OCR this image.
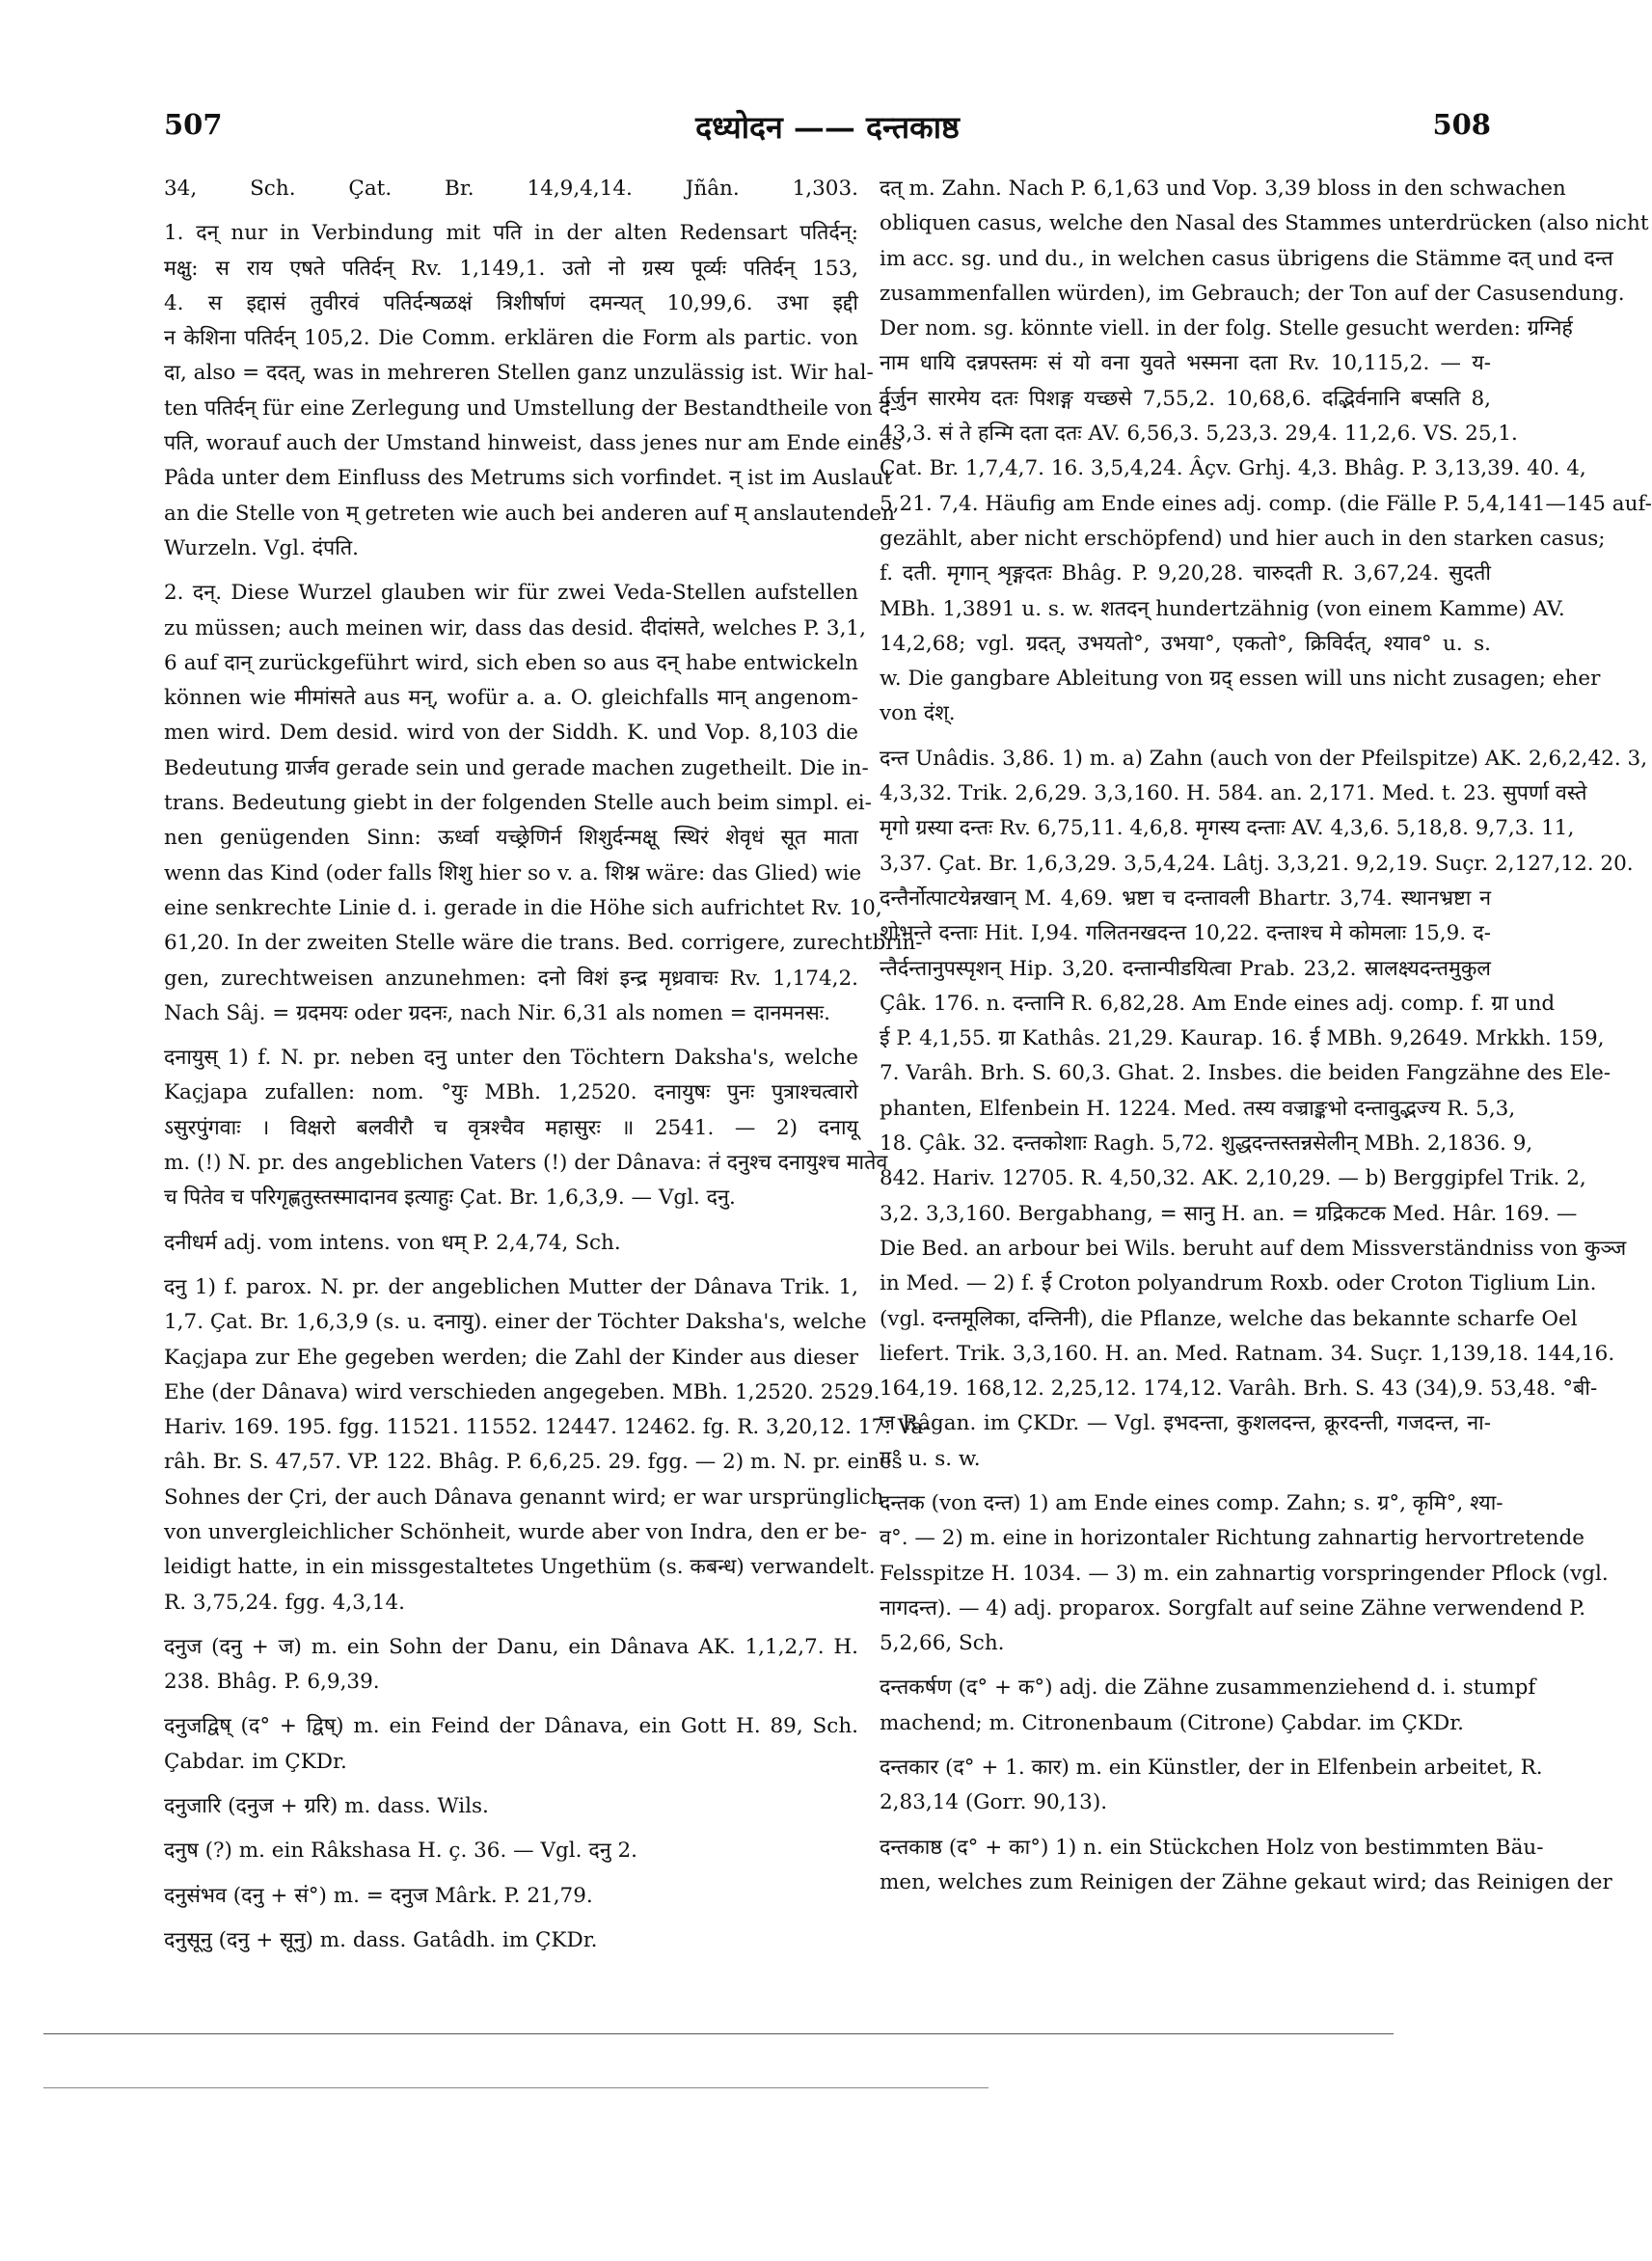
507	दध्योदन —— दन्तकाष्ठ	508
34, Sch. Çat. Br. 14,9,4,14. Jñân. 1,303.
1. दन् nur in Verbindung mit पति in der alten Redensart पतिर्दन्:
मक्षु: स राय एषते पतिर्दन् Rv. 1,149,1. उतो नो ग्रस्य पूर्व्यः पतिर्दन् 153,
4. स इद्दासं तुवीरवं पतिर्दन्षळक्षं त्रिशीर्षाणं दमन्यत् 10,99,6. उभा इद्दी
न केशिना पतिर्दन् 105,2. Die Comm. erklären die Form als partic. von
दा, also = ददत्, was in mehreren Stellen ganz unzulässig ist. Wir hal-
ten पतिर्दन् für eine Zerlegung und Umstellung der Bestandtheile von दं-
पति, worauf auch der Umstand hinweist, dass jenes nur am Ende eines
Pâda unter dem Einfluss des Metrums sich vorfindet. न् ist im Auslaut
an die Stelle von म् getreten wie auch bei anderen auf म् anslautenden
Wurzeln. Vgl. दंपति.
2. दन्. Diese Wurzel glauben wir für zwei Veda-Stellen aufstellen
zu müssen; auch meinen wir, dass das desid. दीदांसते, welches P. 3,1,
6 auf दान् zurückgeführt wird, sich eben so aus दन् habe entwickeln
können wie मीमांसते aus मन्, wofür a. a. O. gleichfalls मान् angenom-
men wird. Dem desid. wird von der Siddh. K. und Vop. 8,103 die
Bedeutung ग्रार्जव gerade sein und gerade machen zugetheilt. Die in-
trans. Bedeutung giebt in der folgenden Stelle auch beim simpl. ei-
nen genügenden Sinn: ऊर्ध्वा यच्छ्रेणिर्न शिशुर्दन्मक्षू स्थिरं शेवृधं सूत माता
wenn das Kind (oder falls शिशु hier so v. a. शिश्न wäre: das Glied) wie
eine senkrechte Linie d. i. gerade in die Höhe sich aufrichtet Rv. 10,
61,20. In der zweiten Stelle wäre die trans. Bed. corrigere, zurechtbrin-
gen, zurechtweisen anzunehmen: दनो विशं इन्द्र मृध्रवाचः Rv. 1,174,2.
Nach Sâj. = ग्रदमयः oder ग्रदनः, nach Nir. 6,31 als nomen = दानमनसः.
दनायुस् 1) f. N. pr. neben दनु unter den Töchtern Daksha's, welche
Kaçjapa zufallen: nom. °युः MBh. 1,2520. दनायुषः पुनः पुत्राश्चत्वारो
ऽसुरपुंगवाः । विक्षरो बलवीरौ च वृत्रश्चैव महासुरः ॥ 2541. — 2) दनायू
m. (!) N. pr. des angeblichen Vaters (!) der Dânava: तं दनुश्च दनायुश्च मातेव
च पितेव च परिगृह्णतुस्तस्मादानव इत्याहुः Çat. Br. 1,6,3,9. — Vgl. दनु.
दनीधर्म adj. vom intens. von धम् P. 2,4,74, Sch.
दनु 1) f. parox. N. pr. der angeblichen Mutter der Dânava Trik. 1,
1,7. Çat. Br. 1,6,3,9 (s. u. दनायु). einer der Töchter Daksha's, welche
Kaçjapa zur Ehe gegeben werden; die Zahl der Kinder aus dieser
Ehe (der Dânava) wird verschieden angegeben. MBh. 1,2520. 2529.
Hariv. 169. 195. fgg. 11521. 11552. 12447. 12462. fg. R. 3,20,12. 17. Va-
râh. Br. S. 47,57. VP. 122. Bhâg. P. 6,6,25. 29. fgg. — 2) m. N. pr. eines
Sohnes der Çri, der auch Dânava genannt wird; er war ursprünglich
von unvergleichlicher Schönheit, wurde aber von Indra, den er be-
leidigt hatte, in ein missgestaltetes Ungethüm (s. कबन्ध) verwandelt.
R. 3,75,24. fgg. 4,3,14.
दनुज (दनु + ज) m. ein Sohn der Danu, ein Dânava AK. 1,1,2,7. H.
238. Bhâg. P. 6,9,39.
दनुजद्विष् (द° + द्विष्) m. ein Feind der Dânava, ein Gott H. 89, Sch.
Çabdar. im ÇKDr.
दनुजारि (दनुज + ग्ररि) m. dass. Wils.
दनुष (?) m. ein Râkshasa H. ç. 36. — Vgl. दनु 2.
दनुसंभव (दनु + सं°) m. = दनुज Mârk. P. 21,79.
दनुसूनु (दनु + सूनु) m. dass. Gatâdh. im ÇKDr.
दत् m. Zahn. Nach P. 6,1,63 und Vop. 3,39 bloss in den schwachen
obliquen casus, welche den Nasal des Stammes unterdrücken (also nicht
im acc. sg. und du., in welchen casus übrigens die Stämme दत् und दन्त
zusammenfallen würden), im Gebrauch; der Ton auf der Casusendung.
Der nom. sg. könnte viell. in der folg. Stelle gesucht werden: ग्रग्निर्ह
नाम धायि दन्नपस्तमः सं यो वना युवते भस्मना दता Rv. 10,115,2. — य-
र्दर्जुन सारमेय दतः पिशङ्ग यच्छसे 7,55,2. 10,68,6. दद्भिर्वनानि बप्सति 8,
43,3. सं ते हन्मि दता दतः AV. 6,56,3. 5,23,3. 29,4. 11,2,6. VS. 25,1.
Çat. Br. 1,7,4,7. 16. 3,5,4,24. Âçv. Grhj. 4,3. Bhâg. P. 3,13,39. 40. 4,
5,21. 7,4. Häufig am Ende eines adj. comp. (die Fälle P. 5,4,141—145 auf-
gezählt, aber nicht erschöpfend) und hier auch in den starken casus;
f. दती. मृगान् शृङ्गदतः Bhâg. P. 9,20,28. चारुदती R. 3,67,24. सुदती
MBh. 1,3891 u. s. w. शतदन् hundertzähnig (von einem Kamme) AV.
14,2,68; vgl. ग्रदत्, उभयतो°, उभया°, एकतो°, क्रिविर्दत्, श्याव° u. s.
w. Die gangbare Ableitung von ग्रद् essen will uns nicht zusagen; eher
von दंश्.
दन्त Unâdis. 3,86. 1) m. a) Zahn (auch von der Pfeilspitze) AK. 2,6,2,42. 3,
4,3,32. Trik. 2,6,29. 3,3,160. H. 584. an. 2,171. Med. t. 23. सुपर्णा वस्ते
मृगो ग्रस्या दन्तः Rv. 6,75,11. 4,6,8. मृगस्य दन्ताः AV. 4,3,6. 5,18,8. 9,7,3. 11,
3,37. Çat. Br. 1,6,3,29. 3,5,4,24. Lâtj. 3,3,21. 9,2,19. Suçr. 2,127,12. 20.
दन्तैर्नोत्पाटयेन्नखान् M. 4,69. भ्रष्टा च दन्तावली Bhartr. 3,74. स्थानभ्रष्टा न
शोभन्ते दन्ताः Hit. I,94. गलितनखदन्त 10,22. दन्ताश्च मे कोमलाः 15,9. द-
न्तैर्दन्तानुपस्पृशन् Hip. 3,20. दन्तान्पीडयित्वा Prab. 23,2. स्रालक्ष्यदन्तमुकुल
Çâk. 176. n. दन्तानि R. 6,82,28. Am Ende eines adj. comp. f. ग्रा und
ई P. 4,1,55. ग्रा Kathâs. 21,29. Kaurap. 16. ई MBh. 9,2649. Mrkkh. 159,
7. Varâh. Brh. S. 60,3. Ghat. 2. Insbes. die beiden Fangzähne des Ele-
phanten, Elfenbein H. 1224. Med. तस्य वज्राङ्कभो दन्तावुद्भज्य R. 5,3,
18. Çâk. 32. दन्तकोशाः Ragh. 5,72. शुद्धदन्तस्तन्नसेलीन् MBh. 2,1836. 9,
842. Hariv. 12705. R. 4,50,32. AK. 2,10,29. — b) Berggipfel Trik. 2,
3,2. 3,3,160. Bergabhang, = सानु H. an. = ग्रद्रिकटक Med. Hâr. 169. —
Die Bed. an arbour bei Wils. beruht auf dem Missverständniss von कुञ्ज
in Med. — 2) f. ई Croton polyandrum Roxb. oder Croton Tiglium Lin.
(vgl. दन्तमूलिका, दन्तिनी), die Pflanze, welche das bekannte scharfe Oel
liefert. Trik. 3,3,160. H. an. Med. Ratnam. 34. Suçr. 1,139,18. 144,16.
164,19. 168,12. 2,25,12. 174,12. Varâh. Brh. S. 43 (34),9. 53,48. °बी-
ज Râgan. im ÇKDr. — Vgl. इभदन्ता, कुशलदन्त, क्रूरदन्ती, गजदन्त, ना-
ग° u. s. w.
दन्तक (von दन्त) 1) am Ende eines comp. Zahn; s. ग्र°, कृमि°, श्या-
व°. — 2) m. eine in horizontaler Richtung zahnartig hervortretende
Felsspitze H. 1034. — 3) m. ein zahnartig vorspringender Pflock (vgl.
नागदन्त). — 4) adj. proparox. Sorgfalt auf seine Zähne verwendend P.
5,2,66, Sch.
दन्तकर्षण (द° + क°) adj. die Zähne zusammenziehend d. i. stumpf
machend; m. Citronenbaum (Citrone) Çabdar. im ÇKDr.
दन्तकार (द° + 1. कार) m. ein Künstler, der in Elfenbein arbeitet, R.
2,83,14 (Gorr. 90,13).
दन्तकाष्ठ (द° + का°) 1) n. ein Stückchen Holz von bestimmten Bäu-
men, welches zum Reinigen der Zähne gekaut wird; das Reinigen der
